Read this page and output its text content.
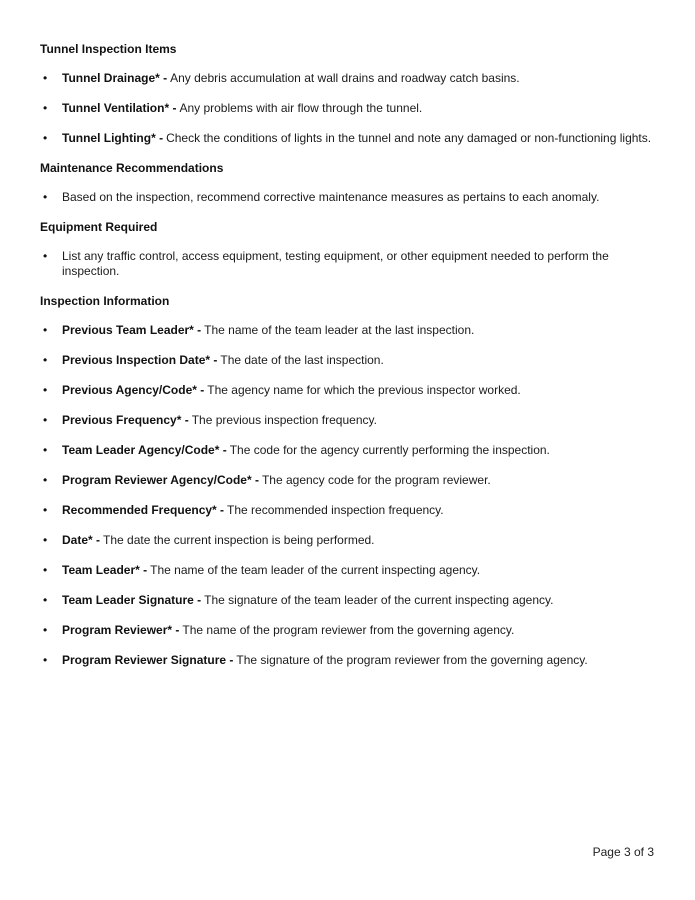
Tunnel Inspection Items
•	Tunnel Drainage* - Any debris accumulation at wall drains and roadway catch basins.
•	Tunnel Ventilation* - Any problems with air flow through the tunnel.
•	Tunnel Lighting* - Check the conditions of lights in the tunnel and note any damaged or non-functioning lights.
Maintenance Recommendations
•	Based on the inspection, recommend corrective maintenance measures as pertains to each anomaly.
Equipment Required
•	List any traffic control, access equipment, testing equipment, or other equipment needed to perform the inspection.
Inspection Information
•	Previous Team Leader* - The name of the team leader at the last inspection.
•	Previous Inspection Date* - The date of the last inspection.
•	Previous Agency/Code* - The agency name for which the previous inspector worked.
•	Previous Frequency* - The previous inspection frequency.
•	Team Leader Agency/Code* - The code for the agency currently performing the inspection.
•	Program Reviewer Agency/Code* - The agency code for the program reviewer.
•	Recommended Frequency* - The recommended inspection frequency.
•	Date* - The date the current inspection is being performed.
•	Team Leader* - The name of the team leader of the current inspecting agency.
•	Team Leader Signature - The signature of the team leader of the current inspecting agency.
•	Program Reviewer* - The name of the program reviewer from the governing agency.
•	Program Reviewer Signature - The signature of the program reviewer from the governing agency.
Page 3 of 3
